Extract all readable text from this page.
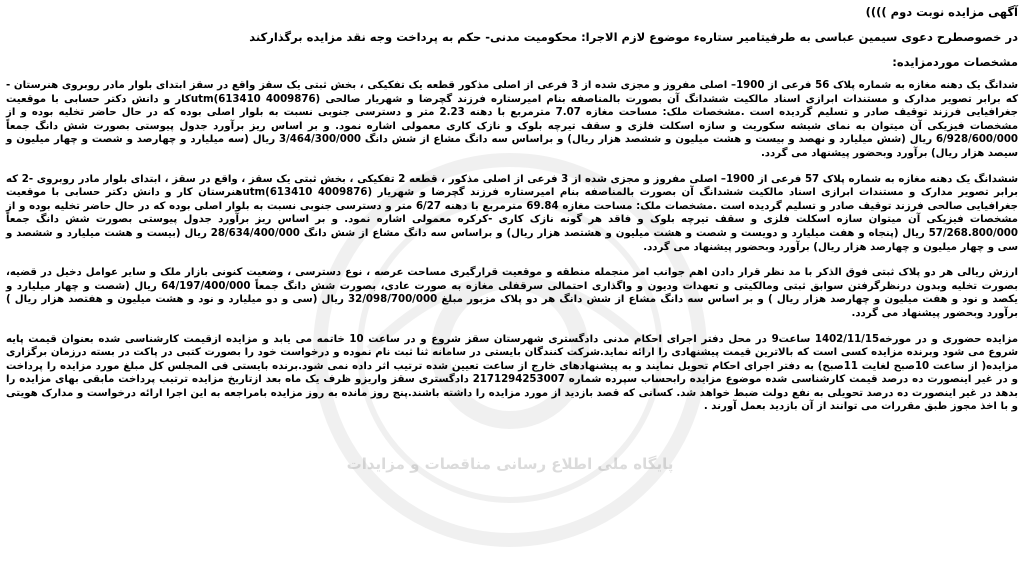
پایگاه ملی اطلاع رسانی مناقصات و مزایدات

آگهی مزایده نوبت دوم ))))

در خصوصطرح دعوی سیمین عباسی به طرفیتامیر ستاره‌ء موضوع لازم الاجرا: محکومیت مدنی- حکم به پرداخت وجه نقد مزایده برگذارکند

مشخصات موردمزایده:

شدانگ یک دهنه مغازه به شماره پلاک 56 فرعی از 1900– اصلی مفروز و مجزی شده از 3 فرعی از اصلی مذکور قطعه یک تفکیکی ، بخش ثبتی یک سقز واقع در سقز ابتدای بلوار مادر روبروی هنرستان - که برابر تصویر مدارک و مستندات ابرازی اسناد مالکیت ششدانگ آن بصورت بالمناصفه بنام امیرستاره فرزند گچرضا و شهریار صالحی (utm(613410 4009876کار و دانش دکتر حسابی با موقعیت جغرافیایی فرزند توقیف صادر و تسلیم گردیده است .مشخصات ملک: مساحت مغازه 7.07 مترمربع با دهنه 2.23 متر و دسترسی جنوبی نسبت به بلوار اصلی بوده که در حال حاضر تخلیه بوده و از مشخصات فیزیکی آن میتوان به نمای شیشه سکوریت و سازه اسکلت فلزی و سقف تیرچه بلوک و نازک کاری معمولی اشاره نمود. و بر اساس ریز برآورد جدول پیوستی بصورت شش دانگ جمعاً 6/928/600/000 ریال (شش میلیارد و نهصد و بیست و هشت میلیون و ششصد هزار ریال) و براساس سه دانگ مشاع از شش دانگ 3/464/300/000 ریال (سه میلیارد و چهارصد و شصت و چهار میلیون و سیصد هزار ریال) برآورد وبحضور پیشنهاد می گردد.

ششدانگ یک دهنه مغازه به شماره پلاک 57 فرعی از 1900– اصلی مفروز و مجزی شده از 3 فرعی از اصلی مذکور ، قطعه 2 تفکیکی ، بخش ثبتی یک سقز ، واقع در سقز ، ابتدای بلوار مادر روبروی -2 که برابر تصویر مدارک و مستندات ابرازی اسناد مالکیت ششدانگ آن بصورت بالمناصفه بنام امیرستاره فرزند گچرضا و شهریار (utm(613410 4009876هنرستان کار و دانش دکتر حسابی با موقعیت جغرافیایی صالحی فرزند توقیف صادر و تسلیم گردیده است .مشخصات ملک: مساحت مغازه 69.84 مترمربع با دهنه 6/27 متر و دسترسی جنوبی نسبت به بلوار اصلی بوده که در حال حاضر تخلیه بوده و از مشخصات فیزیکی آن میتوان سازه اسکلت فلزی و سقف تیرچه بلوک و فاقد هر گونه نازک کاری -کرکره معمولی اشاره نمود. و بر اساس ریز برآورد جدول پیوستی بصورت شش دانگ جمعاً 57/268.800/000 ریال (پنجاه و هفت میلیارد و دویست و شصت و هشت میلیون و هشتصد هزار ریال) و براساس سه دانگ مشاع از شش دانگ 28/634/400/000 ریال (بیست و هشت میلیارد و ششصد و سی و چهار میلیون و چهارصد هزار ریال) برآورد وبحضور پیشنهاد می گردد.

ارزش ریالی هر دو پلاک ثبتی فوق الذکر با مد نظر قرار دادن اهم جوانب امر منجمله منطقه و موقعیت قرارگیری مساحت عرصه ، نوع دسترسی ، وضعیت کنونی بازار ملک و سایر عوامل دخیل در قضیه، بصورت تخلیه وبدون درنظرگرفتن سوابق ثبتی ومالکیتی و تعهدات ودیون و واگذاری احتمالی سرقفلی مغازه به صورت عادی، بصورت شش دانگ جمعاً 64/197/400/000 ریال (شصت و چهار میلیارد و یکصد و نود و هفت میلیون و چهارصد هزار ریال ) و بر اساس سه دانگ مشاع از شش دانگ هر دو پلاک مزبور مبلغ 32/098/700/000 ریال (سی و دو میلیارد و نود و هشت میلیون و هفتصد هزار ریال ) برآورد وبحضور پیشنهاد می گردد.

مزایده حضوری و در مورخه1402/11/15 ساعت9 در محل دفتر اجرای احکام مدنی دادگستری شهرستان سقز شروع و در ساعت 10 خاتمه می یابد و مزایده ازقیمت کارشناسی شده بعنوان قیمت پایه شروع می شود وبرنده مزایده کسی است که بالاترین قیمت پیشنهادی را ارائه نماید.شرکت کنندگان بایستی در سامانه ثنا ثبت نام نموده و درخواست خود را بصورت کتبی در پاکت در بسته درزمان برگزاری مزایده( از ساعت 10صبح لغایت 11صبح) به دفتر اجرای احکام تحویل نمایند و به پیشنهادهای خارج از ساعت تعیین شده ترتیب اثر داده نمی شود.برنده بایستی فی المجلس کل مبلغ مورد مزایده را پرداخت و در غیر اینصورت ده درصد قیمت کارشناسی شده موضوع مزایده رابحساب سپرده شماره 2171294253007 دادگستری سقز واریزو ظرف یک ماه بعد ازتاریخ مزایده ترتیب پرداخت مابقی بهای مزایده را بدهد در غیر اینصورت ده درصد تحویلی به نفع دولت ضبط خواهد شد. کسانی که قصد بازدید از مورد مزایده را داشته باشند.پنج روز مانده به روز مزایده بامراجعه به این اجرا ارائه درخواست و مدارک هویتی و با اخذ مجوز طبق مقررات می توانند از آن بازدید بعمل آورند .
